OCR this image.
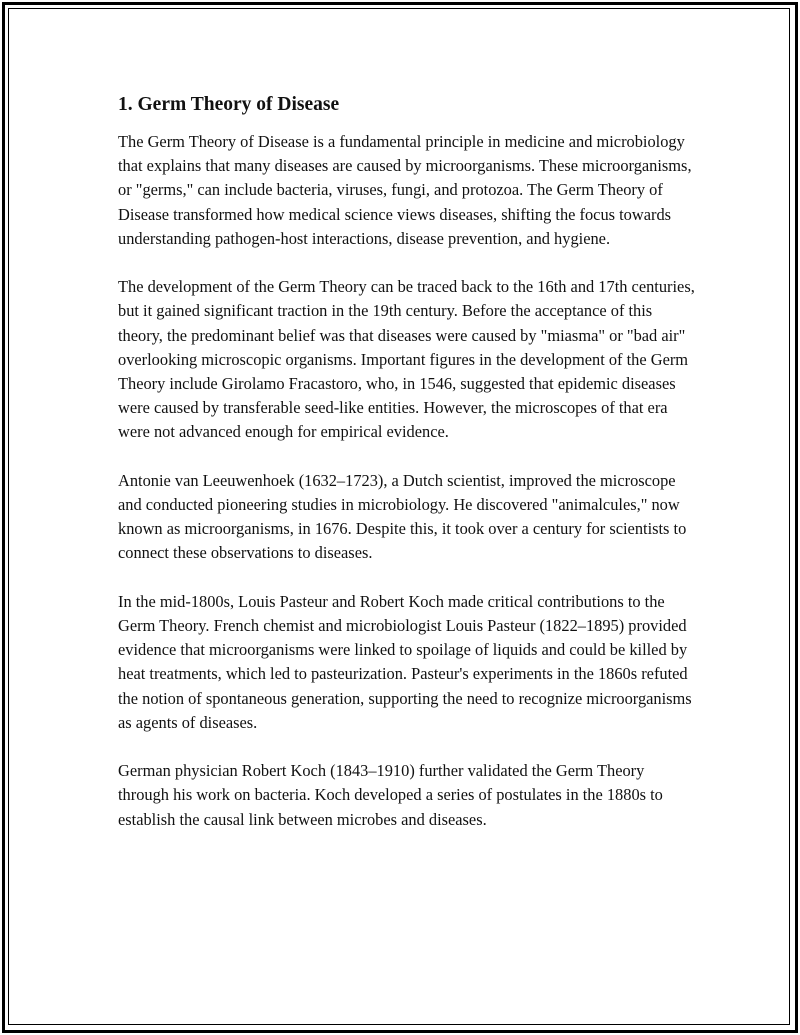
1. Germ Theory of Disease

The Germ Theory of Disease is a fundamental principle in medicine and microbiology that explains that many diseases are caused by microorganisms. These microorganisms, or "germs," can include bacteria, viruses, fungi, and protozoa. The Germ Theory of Disease transformed how medical science views diseases, shifting the focus towards understanding pathogen-host interactions, disease prevention, and hygiene.

The development of the Germ Theory can be traced back to the 16th and 17th centuries, but it gained significant traction in the 19th century. Before the acceptance of this theory, the predominant belief was that diseases were caused by "miasma" or "bad air" overlooking microscopic organisms. Important figures in the development of the Germ Theory include Girolamo Fracastoro, who, in 1546, suggested that epidemic diseases were caused by transferable seed-like entities. However, the microscopes of that era were not advanced enough for empirical evidence.

Antonie van Leeuwenhoek (1632–1723), a Dutch scientist, improved the microscope and conducted pioneering studies in microbiology. He discovered "animalcules," now known as microorganisms, in 1676. Despite this, it took over a century for scientists to connect these observations to diseases.

In the mid-1800s, Louis Pasteur and Robert Koch made critical contributions to the Germ Theory. French chemist and microbiologist Louis Pasteur (1822–1895) provided evidence that microorganisms were linked to spoilage of liquids and could be killed by heat treatments, which led to pasteurization. Pasteur's experiments in the 1860s refuted the notion of spontaneous generation, supporting the need to recognize microorganisms as agents of diseases.

German physician Robert Koch (1843–1910) further validated the Germ Theory through his work on bacteria. Koch developed a series of postulates in the 1880s to establish the causal link between microbes and diseases.
